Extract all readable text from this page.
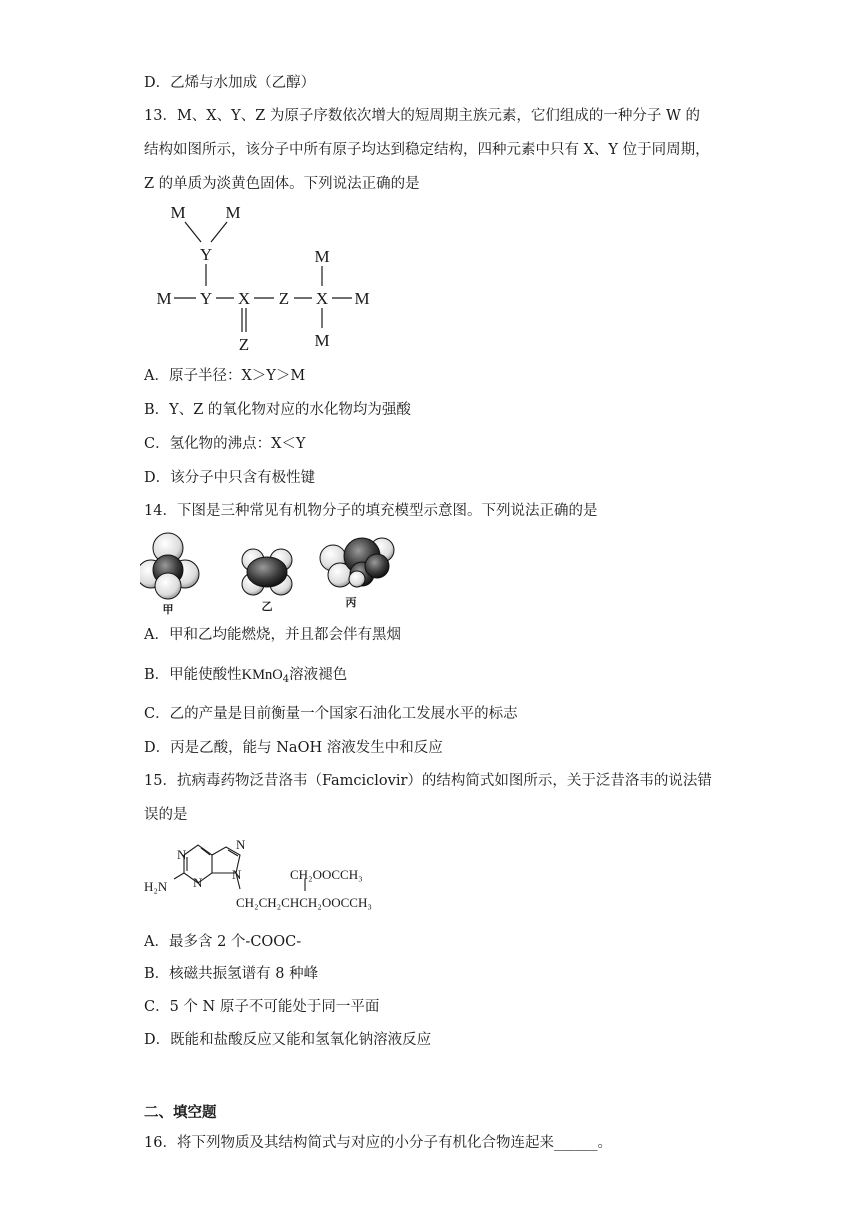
D．乙烯与水加成（乙醇）
13．M、X、Y、Z 为原子序数依次增大的短周期主族元素，它们组成的一种分子 W 的
结构如图所示，该分子中所有原子均达到稳定结构，四种元素中只有 X、Y 位于同周期，
Z 的单质为淡黄色固体。下列说法正确的是
M M
Y
M Y X Z X M
M
M
Z
A．原子半径：X＞Y＞M
B．Y、Z 的氧化物对应的水化物均为强酸
C．氢化物的沸点：X＜Y
D．该分子中只含有极性键
14．下图是三种常见有机物分子的填充模型示意图。下列说法正确的是
甲	乙	丙
A．甲和乙均能燃烧，并且都会伴有黑烟
B．甲能使酸性KMnO$_4$溶液褪色
C．乙的产量是目前衡量一个国家石油化工发展水平的标志
D．丙是乙酸，能与 NaOH 溶液发生中和反应
15．抗病毒药物泛昔洛韦（Famciclovir）的结构简式如图所示，关于泛昔洛韦的说法错
误的是
N
N
N
N
H₂N
CH₂OOCCH₃
CH₂CH₂CHCH₂OOCCH₃
A．最多含 2 个-COOC-
B．核磁共振氢谱有 8 种峰
C．5 个 N 原子不可能处于同一平面
D．既能和盐酸反应又能和氢氧化钠溶液反应
二、填空题
16．将下列物质及其结构简式与对应的小分子有机化合物连起来______。
